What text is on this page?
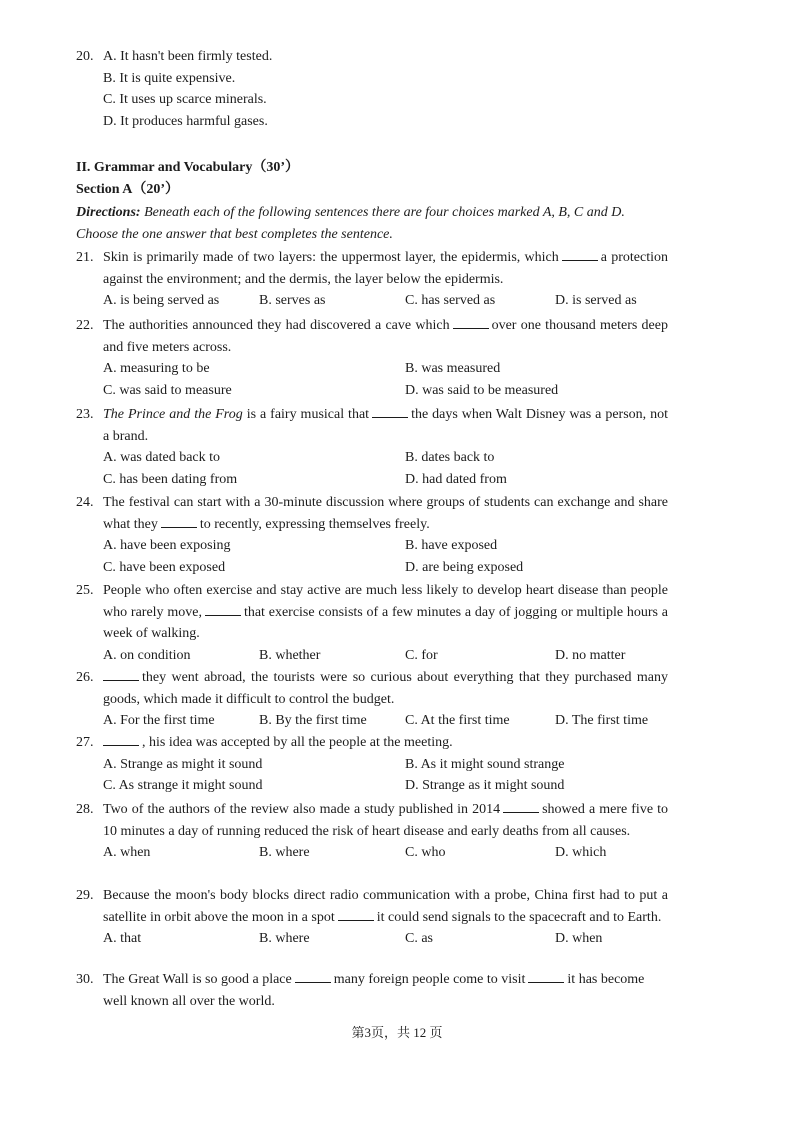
20. A. It hasn't been firmly tested.
B. It is quite expensive.
C. It uses up scarce minerals.
D. It produces harmful gases.
II. Grammar and Vocabulary（30’）
Section A（20’）
Directions: Beneath each of the following sentences there are four choices marked A, B, C and D. Choose the one answer that best completes the sentence.
21. Skin is primarily made of two layers: the uppermost layer, the epidermis, which	a protection against the environment; and the dermis, the layer below the epidermis.
A. is being served as	B. serves as	C. has served as	D. is served as
22. The authorities announced they had discovered a cave which	over one thousand meters deep and five meters across.
A. measuring to be	B. was measured
C. was said to measure	D. was said to be measured
23. The Prince and the Frog is a fairy musical that	the days when Walt Disney was a person, not a brand.
A. was dated back to	B. dates back to
C. has been dating from	D. had dated from
24. The festival can start with a 30-minute discussion where groups of students can exchange and share what they	to recently, expressing themselves freely.
A. have been exposing	B. have exposed
C. have been exposed	D. are being exposed
25. People who often exercise and stay active are much less likely to develop heart disease than people who rarely move,	that exercise consists of a few minutes a day of jogging or multiple hours a week of walking.
A. on condition	B. whether	C. for	D. no matter
26.	they went abroad, the tourists were so curious about everything that they purchased many goods, which made it difficult to control the budget.
A. For the first time	B. By the first time	C. At the first time	D. The first time
27.	, his idea was accepted by all the people at the meeting.
A. Strange as might it sound	B. As it might sound strange
C. As strange it might sound	D. Strange as it might sound
28. Two of the authors of the review also made a study published in 2014	showed a mere five to 10 minutes a day of running reduced the risk of heart disease and early deaths from all causes.
A. when	B. where	C. who	D. which
29. Because the moon's body blocks direct radio communication with a probe, China first had to put a satellite in orbit above the moon in a spot	it could send signals to the spacecraft and to Earth.
A. that	B. where	C. as	D. when
30. The Great Wall is so good a place	many foreign people come to visit	it has become well known all over the world.
第3页，共 12 页
